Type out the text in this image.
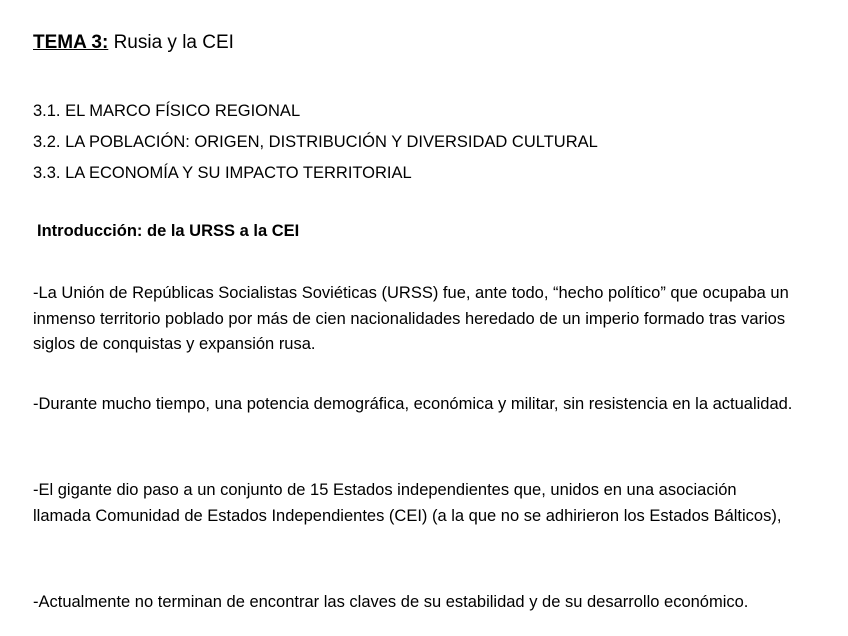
TEMA 3: Rusia y la CEI
3.1. EL MARCO FÍSICO REGIONAL
3.2. LA POBLACIÓN: ORIGEN, DISTRIBUCIÓN Y DIVERSIDAD CULTURAL
3.3. LA ECONOMÍA Y SU IMPACTO TERRITORIAL
Introducción: de la URSS a la CEI

-La Unión de Repúblicas Socialistas Soviéticas (URSS) fue, ante todo, “hecho político” que ocupaba un inmenso territorio poblado por más de cien nacionalidades heredado de un imperio formado tras varios siglos de conquistas y expansión rusa.

-Durante mucho tiempo, una potencia demográfica, económica y militar, sin resistencia en la actualidad.

-El gigante dio paso a un conjunto de 15 Estados independientes que, unidos en una asociación llamada Comunidad de Estados Independientes (CEI) (a la que no se adhirieron los Estados Bálticos),

-Actualmente no terminan de encontrar las claves de su estabilidad y de su desarrollo económico.
